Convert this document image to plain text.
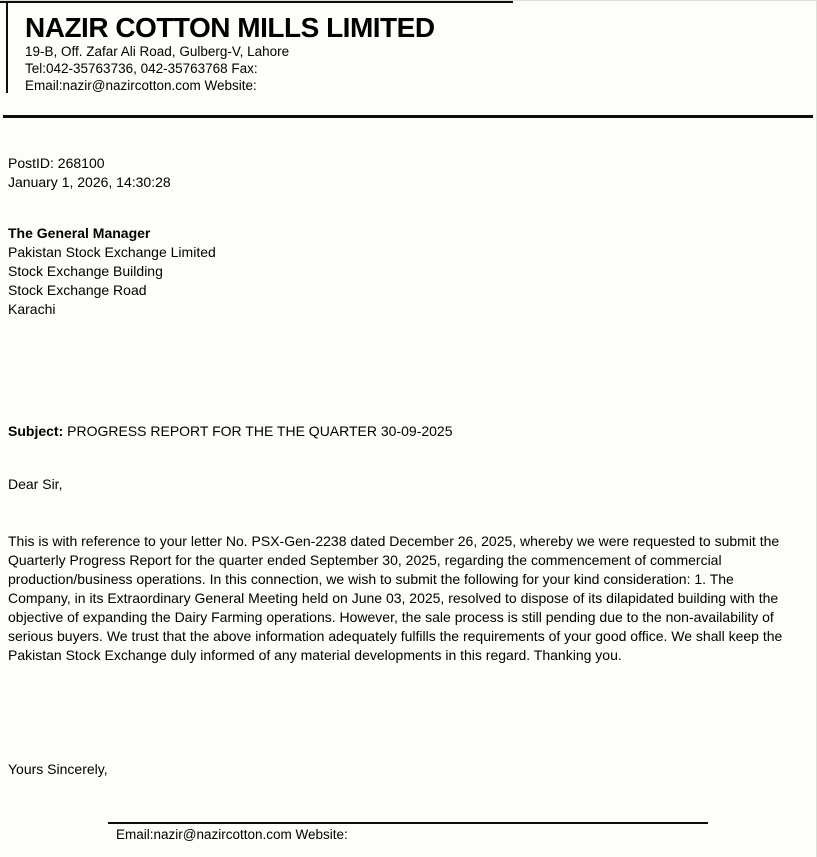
NAZIR COTTON MILLS LIMITED
19-B, Off. Zafar Ali Road, Gulberg-V, Lahore
Tel:042-35763736, 042-35763768 Fax:
Email:nazir@nazircotton.com Website:
PostID: 268100
January 1, 2026, 14:30:28
The General Manager
Pakistan Stock Exchange Limited
Stock Exchange Building
Stock Exchange Road
Karachi
Subject: PROGRESS REPORT FOR THE THE QUARTER 30-09-2025
Dear Sir,
This is with reference to your letter No. PSX-Gen-2238 dated December 26, 2025, whereby we were requested to submit the Quarterly Progress Report for the quarter ended September 30, 2025, regarding the commencement of commercial production/business operations. In this connection, we wish to submit the following for your kind consideration: 1. The Company, in its Extraordinary General Meeting held on June 03, 2025, resolved to dispose of its dilapidated building with the objective of expanding the Dairy Farming operations. However, the sale process is still pending due to the non-availability of serious buyers. We trust that the above information adequately fulfills the requirements of your good office. We shall keep the Pakistan Stock Exchange duly informed of any material developments in this regard. Thanking you.
Yours Sincerely,
Email:nazir@nazircotton.com Website:
